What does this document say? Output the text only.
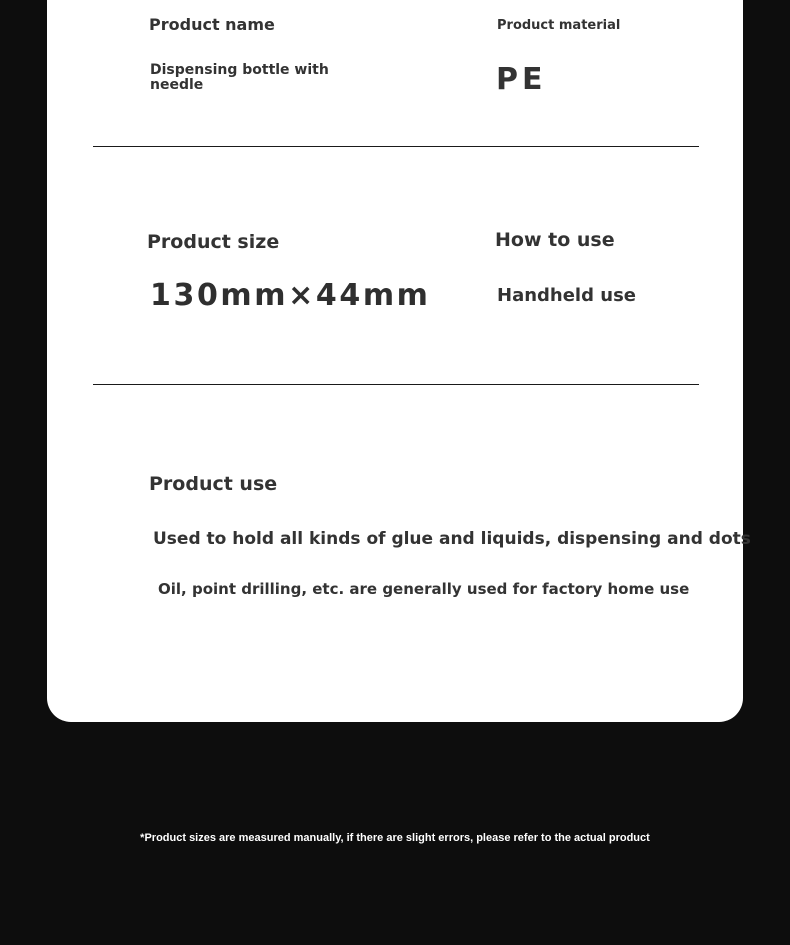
Product name
Dispensing bottle with needle
Product material
PE
Product size
130mm×44mm
How to use
Handheld use
Product use
Used to hold all kinds of glue and liquids, dispensing and dots
Oil, point drilling, etc. are generally used for factory home use
*Product sizes are measured manually, if there are slight errors, please refer to the actual product
